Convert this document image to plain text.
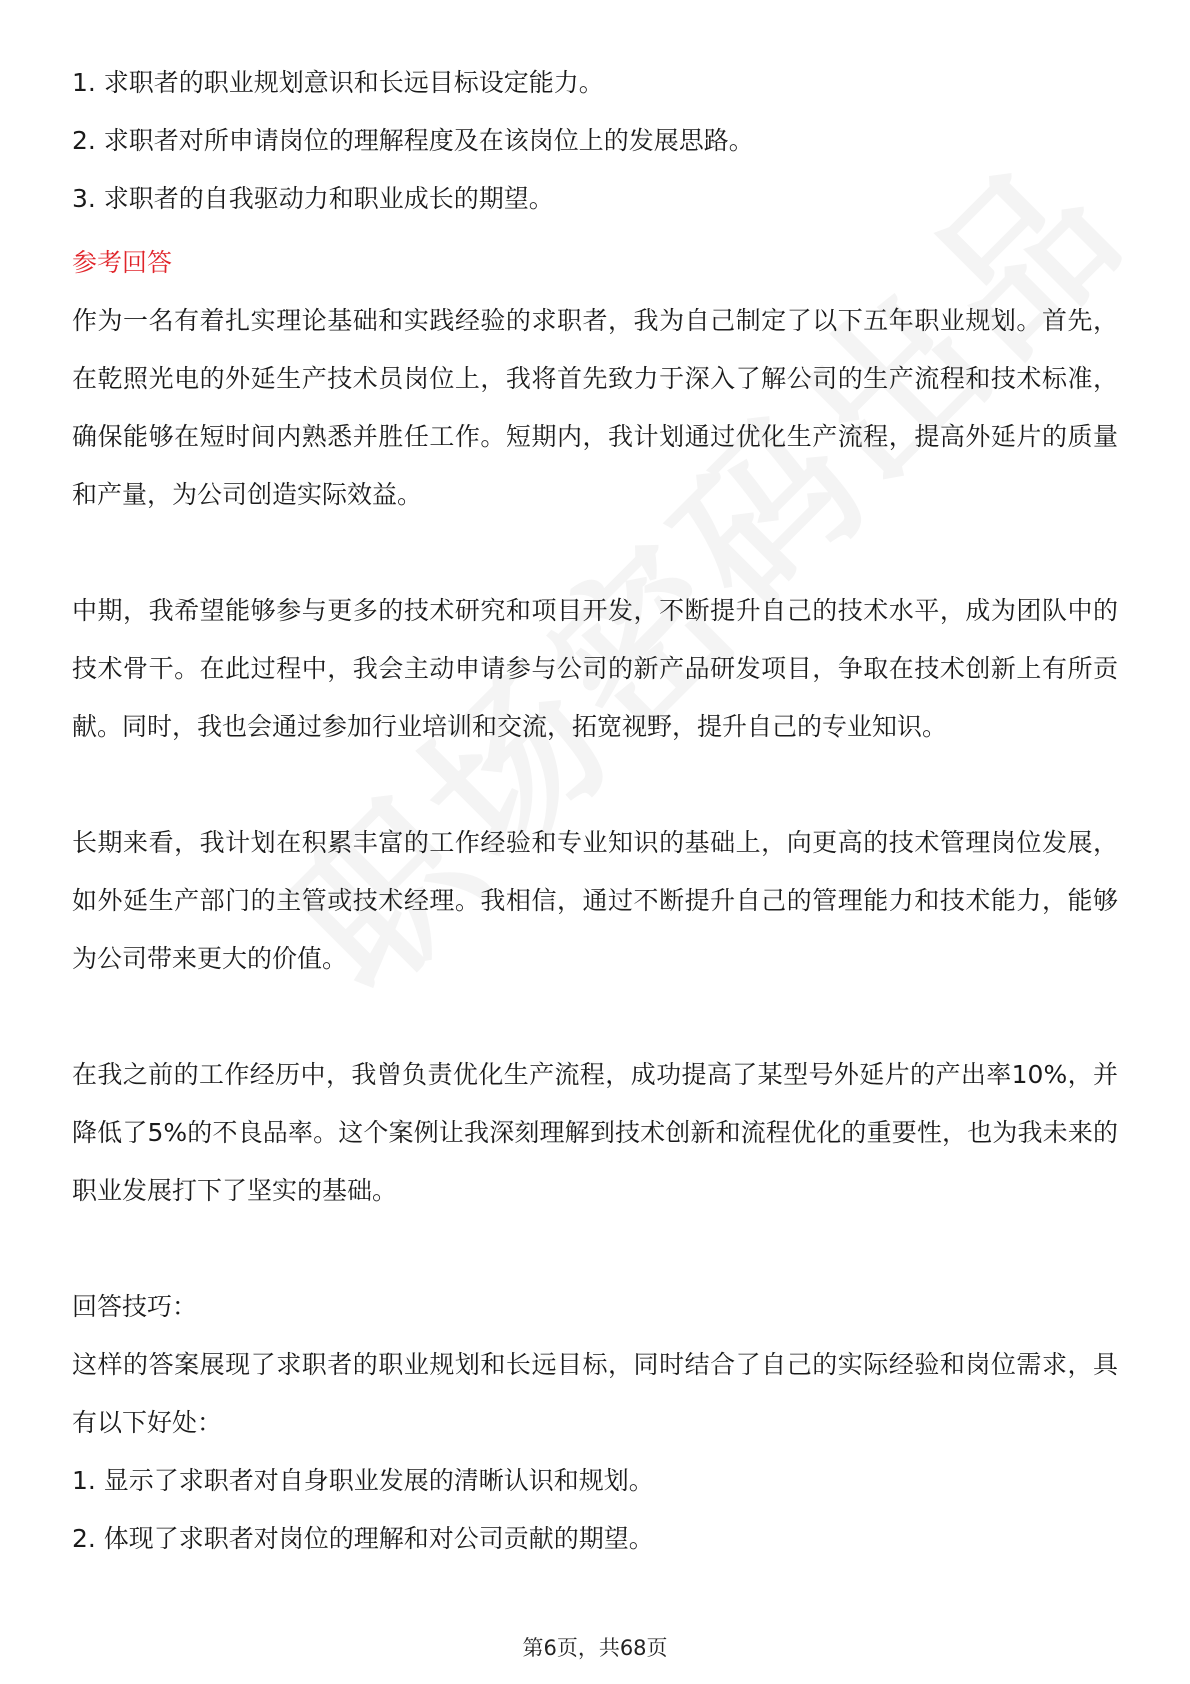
1. 求职者的职业规划意识和长远目标设定能力。
2. 求职者对所申请岗位的理解程度及在该岗位上的发展思路。
3. 求职者的自我驱动力和职业成长的期望。
参考回答

作为一名有着扎实理论基础和实践经验的求职者，我为自己制定了以下五年职业规划。首先，在乾照光电的外延生产技术员岗位上，我将首先致力于深入了解公司的生产流程和技术标准，确保能够在短时间内熟悉并胜任工作。短期内，我计划通过优化生产流程，提高外延片的质量和产量，为公司创造实际效益。

中期，我希望能够参与更多的技术研究和项目开发，不断提升自己的技术水平，成为团队中的技术骨干。在此过程中，我会主动申请参与公司的新产品研发项目，争取在技术创新上有所贡献。同时，我也会通过参加行业培训和交流，拓宽视野，提升自己的专业知识。

长期来看，我计划在积累丰富的工作经验和专业知识的基础上，向更高的技术管理岗位发展，如外延生产部门的主管或技术经理。我相信，通过不断提升自己的管理能力和技术能力，能够为公司带来更大的价值。

在我之前的工作经历中，我曾负责优化生产流程，成功提高了某型号外延片的产出率10%，并降低了5%的不良品率。这个案例让我深刻理解到技术创新和流程优化的重要性，也为我未来的职业发展打下了坚实的基础。

回答技巧：

这样的答案展现了求职者的职业规划和长远目标，同时结合了自己的实际经验和岗位需求，具有以下好处：

1. 显示了求职者对自身职业发展的清晰认识和规划。
2. 体现了求职者对岗位的理解和对公司贡献的期望。
第6页，共68页
